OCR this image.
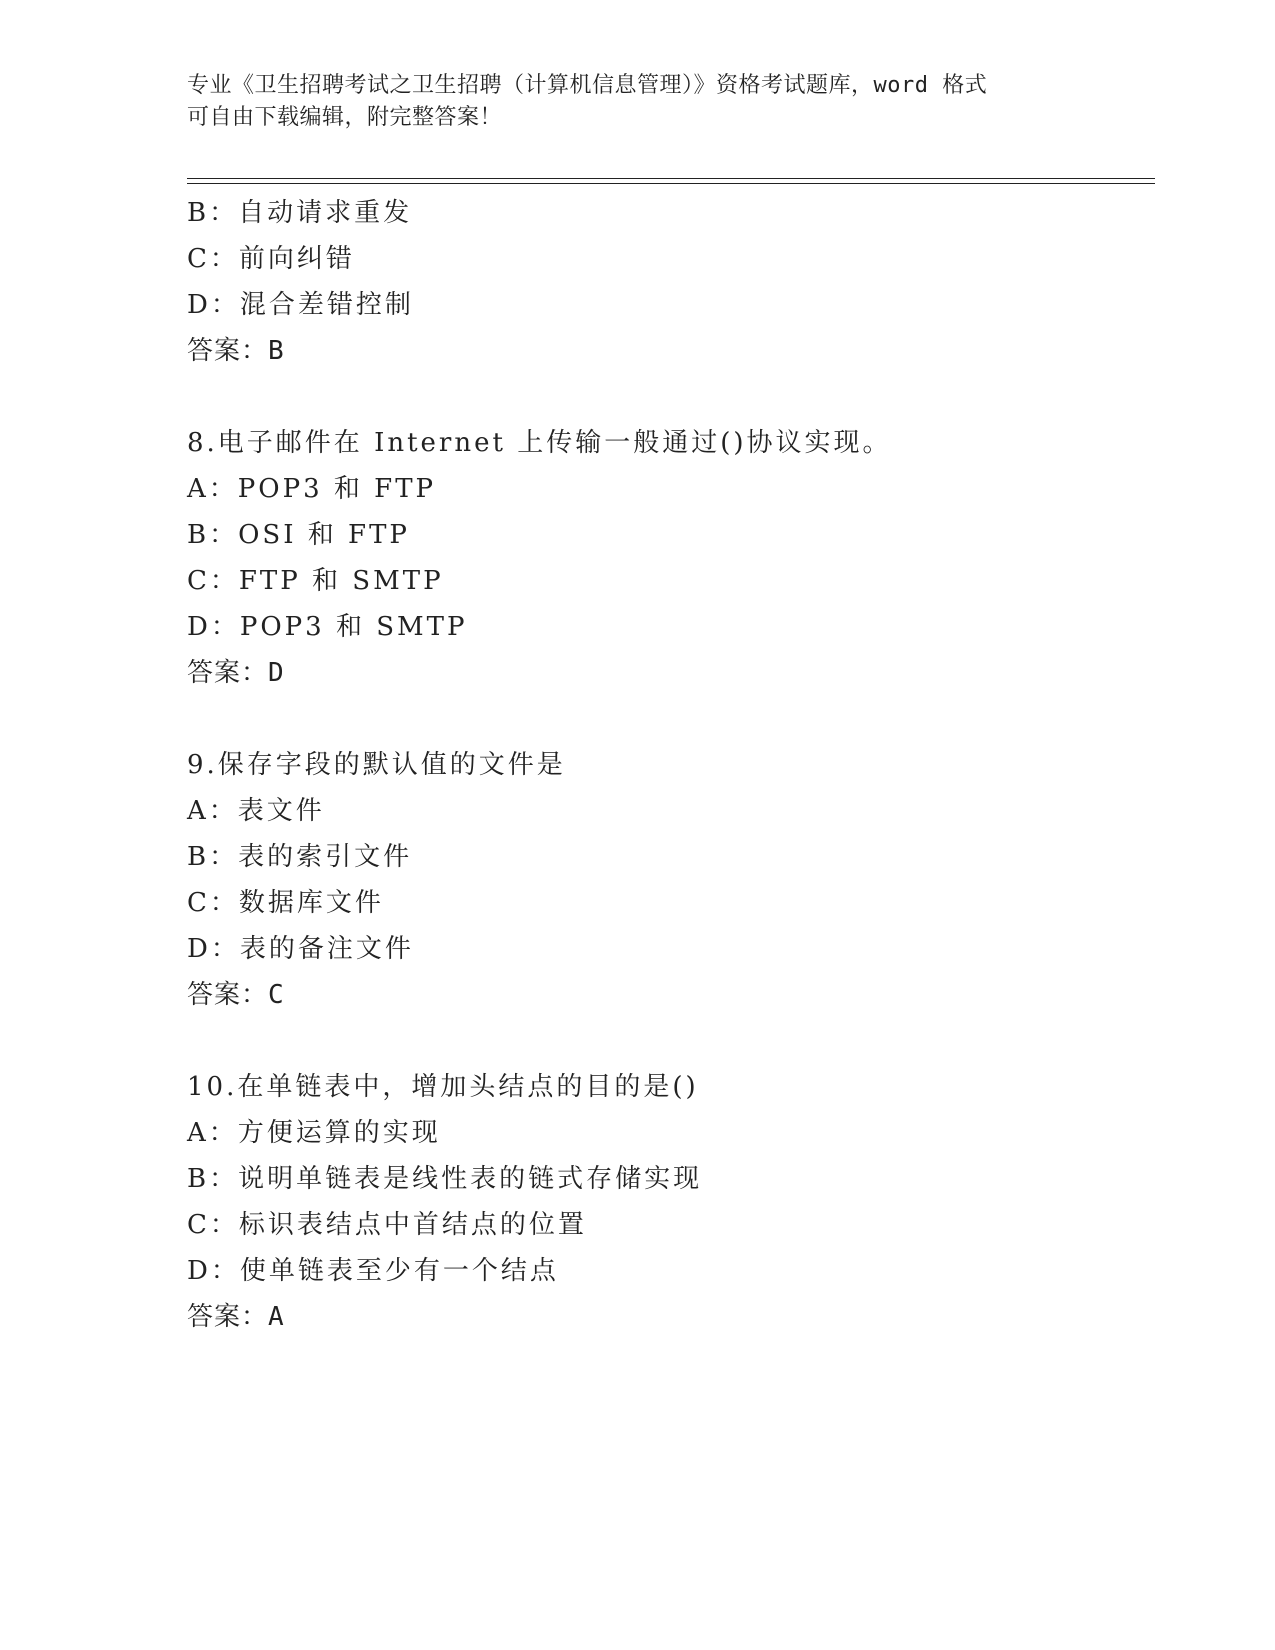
专业《卫生招聘考试之卫生招聘（计算机信息管理）》资格考试题库，word 格式
可自由下载编辑，附完整答案！
B：自动请求重发
C：前向纠错
D：混合差错控制
答案：B
8.电子邮件在 Internet 上传输一般通过()协议实现。
A：POP3 和 FTP
B：OSI 和 FTP
C：FTP 和 SMTP
D：POP3 和 SMTP
答案：D
9.保存字段的默认值的文件是
A：表文件
B：表的索引文件
C：数据库文件
D：表的备注文件
答案：C
10.在单链表中，增加头结点的目的是()
A：方便运算的实现
B：说明单链表是线性表的链式存储实现
C：标识表结点中首结点的位置
D：使单链表至少有一个结点
答案：A
